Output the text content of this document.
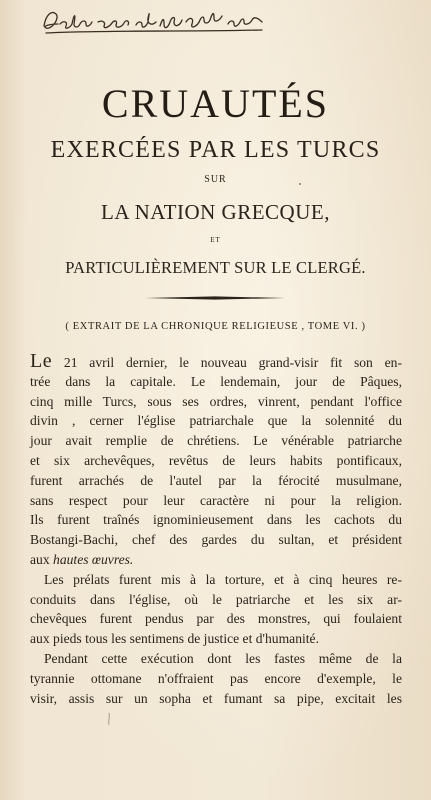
CRUAUTÉS
EXERCÉES PAR LES TURCS
SUR
LA NATION GRECQUE,
ET
PARTICULIÈREMENT SUR LE CLERGÉ.
( EXTRAIT DE LA CHRONIQUE RELIGIEUSE , TOME VI. )
Le 21 avril dernier, le nouveau grand-visir fit son en-
trée dans la capitale. Le lendemain, jour de Pâques,
cinq mille Turcs, sous ses ordres, vinrent, pendant l'office
divin , cerner l'église patriarchale que la solennité du
jour avait remplie de chrétiens. Le vénérable patriarche
et six archevêques, revêtus de leurs habits pontificaux,
furent arrachés de l'autel par la férocité musulmane,
sans respect pour leur caractère ni pour la religion.
Ils furent traînés ignominieusement dans les cachots du
Bostangi-Bachi, chef des gardes du sultan, et président
aux hautes œuvres.
Les prélats furent mis à la torture, et à cinq heures re-
conduits dans l'église, où le patriarche et les six ar-
chevêques furent pendus par des monstres, qui foulaient
aux pieds tous les sentimens de justice et d'humanité.
Pendant cette exécution dont les fastes même de la
tyrannie ottomane n'offraient pas encore d'exemple, le
visir, assis sur un sopha et fumant sa pipe, excitait les
